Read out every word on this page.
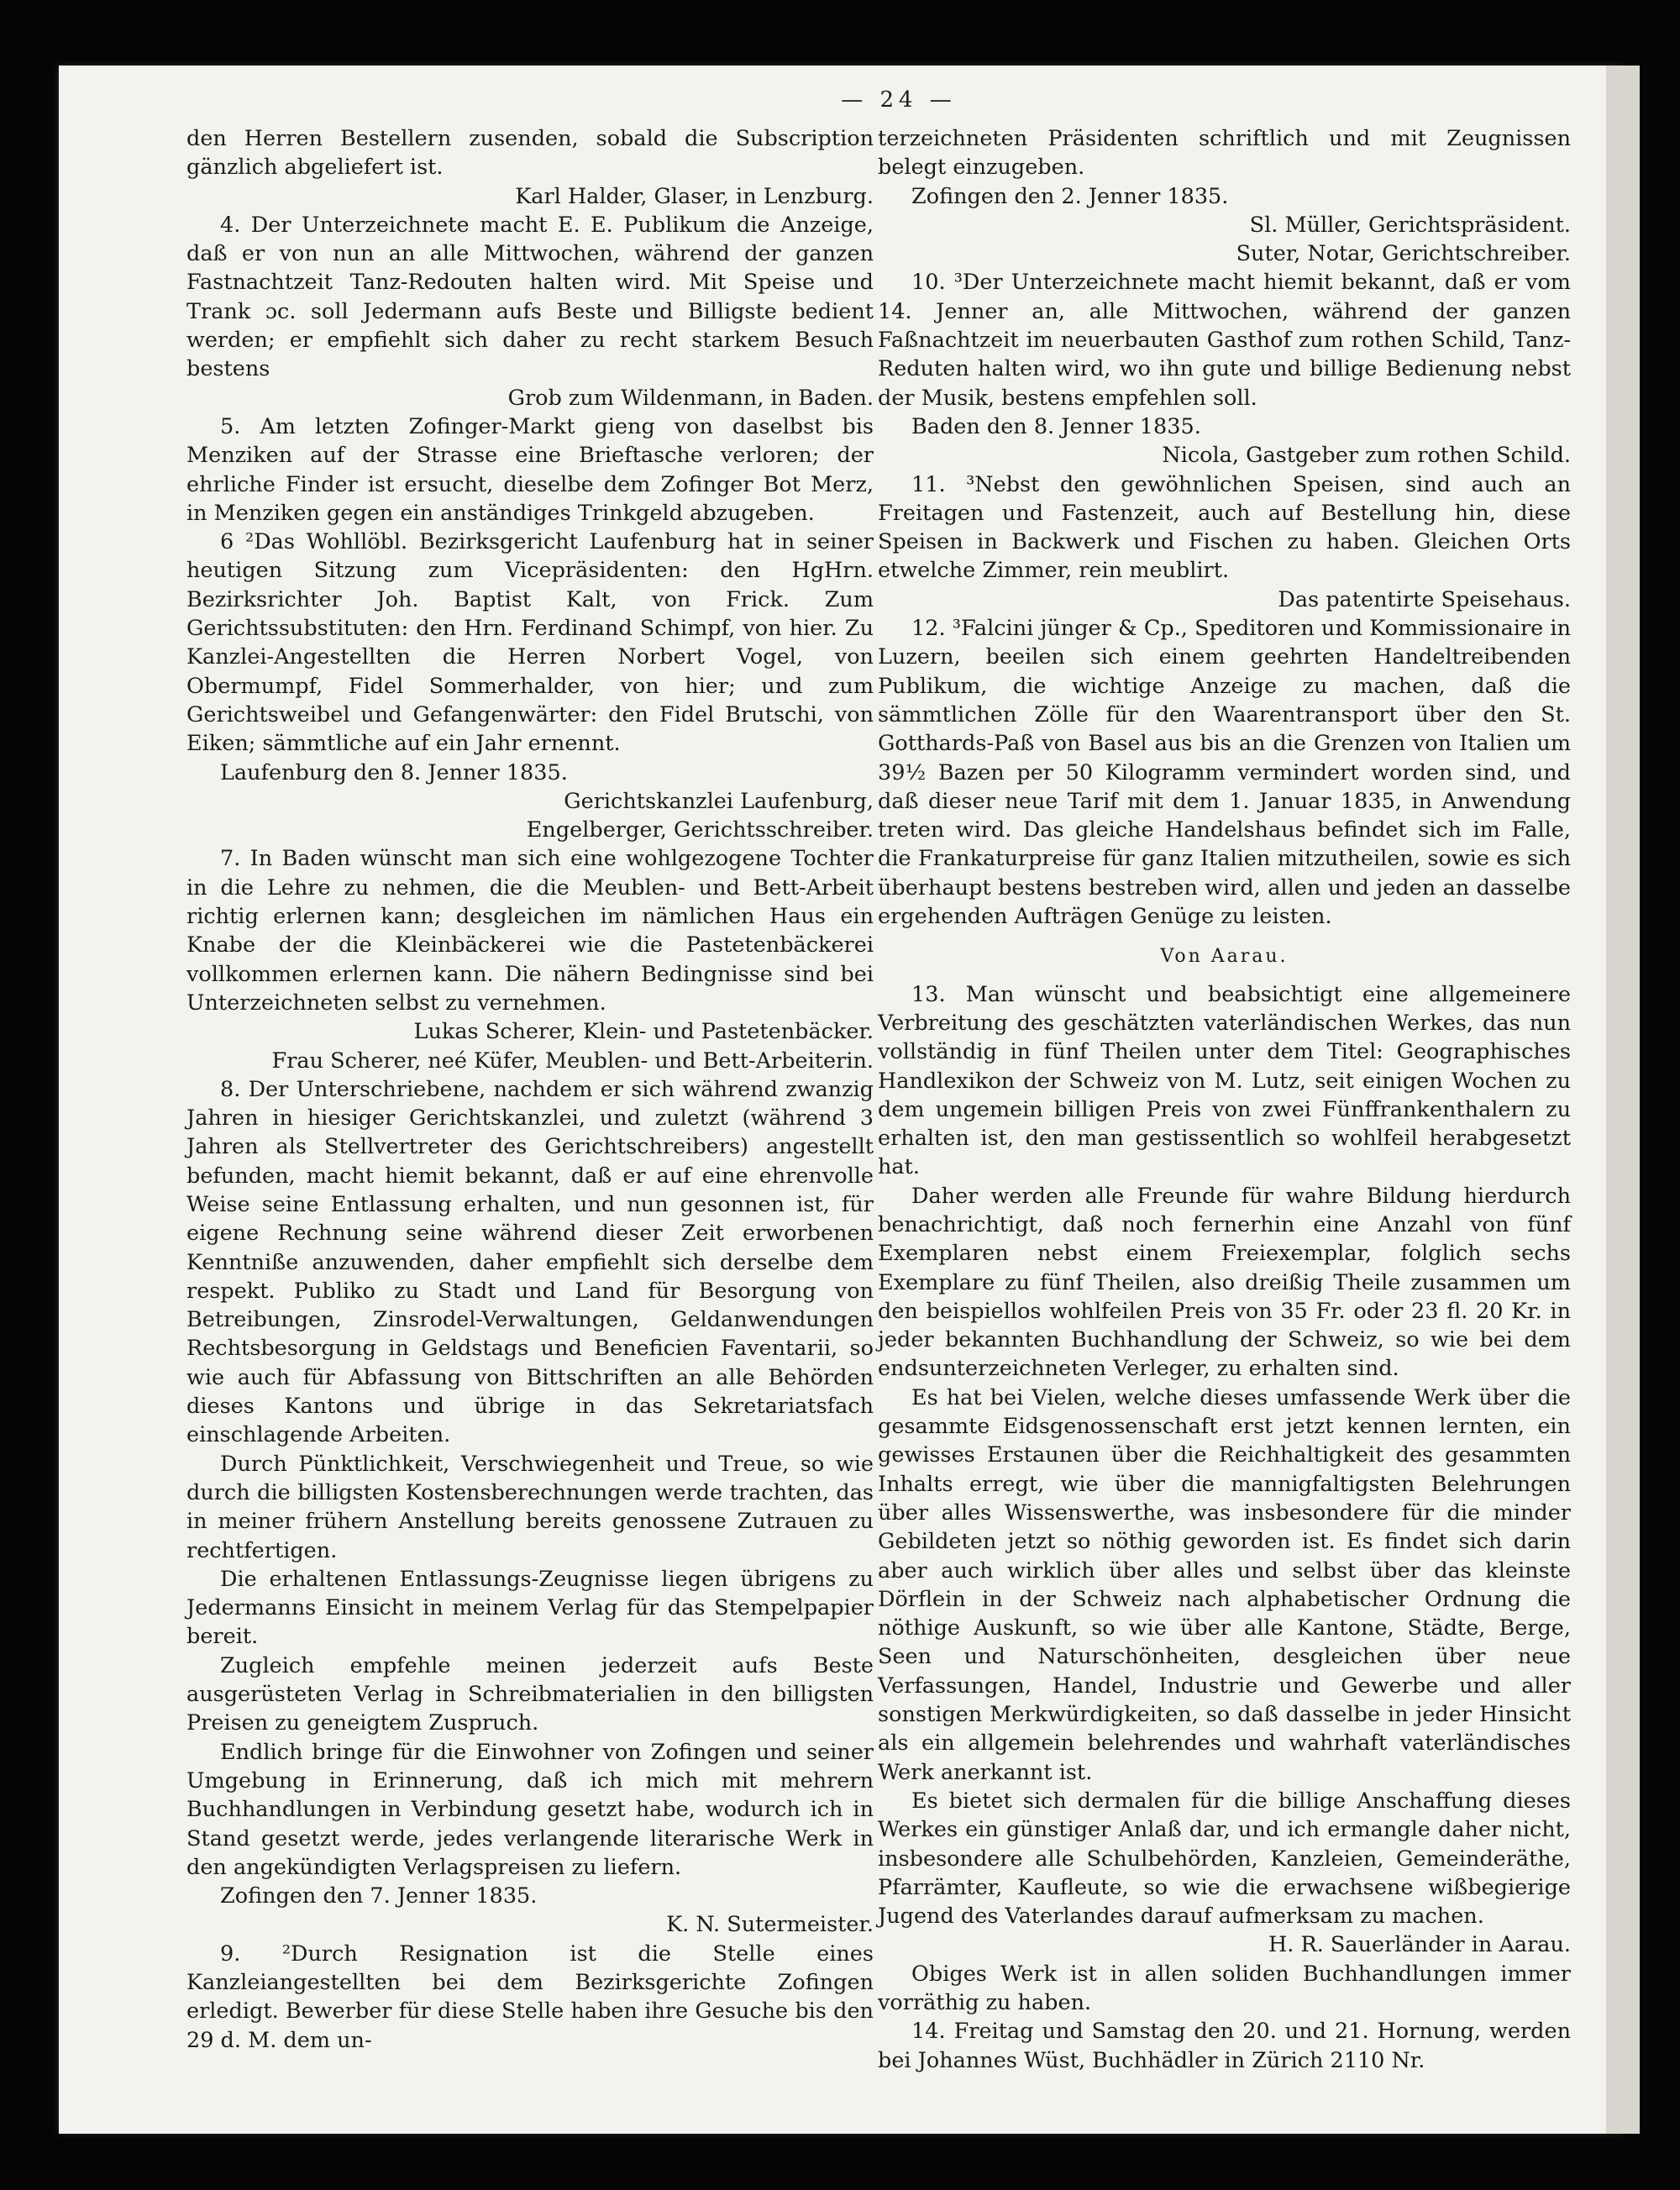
— 24 —

den Herren Bestellern zusenden, sobald die Subscription gänzlich abgeliefert ist.

Karl Halder, Glaser, in Lenzburg.

4. Der Unterzeichnete macht E. E. Publikum die Anzeige, daß er von nun an alle Mittwochen, während der ganzen Fastnachtzeit Tanz-Redouten halten wird. Mit Speise und Trank ɔc. soll Jedermann aufs Beste und Billigste bedient werden; er empfiehlt sich daher zu recht starkem Besuch bestens

Grob zum Wildenmann, in Baden.

5. Am letzten Zofinger-Markt gieng von daselbst bis Menziken auf der Strasse eine Brieftasche verloren; der ehrliche Finder ist ersucht, dieselbe dem Zofinger Bot Merz, in Menziken gegen ein anständiges Trinkgeld abzugeben.

6 ²Das Wohllöbl. Bezirksgericht Laufenburg hat in seiner heutigen Sitzung zum Vicepräsidenten: den HgHrn. Bezirksrichter Joh. Baptist Kalt, von Frick. Zum Gerichtssubstituten: den Hrn. Ferdinand Schimpf, von hier. Zu Kanzlei-Angestellten die Herren Norbert Vogel, von Obermumpf, Fidel Sommerhalder, von hier; und zum Gerichtsweibel und Gefangenwärter: den Fidel Brutschi, von Eiken; sämmtliche auf ein Jahr ernennt.

Laufenburg den 8. Jenner 1835.

Gerichtskanzlei Laufenburg,

Engelberger, Gerichtsschreiber.

7. In Baden wünscht man sich eine wohlgezogene Tochter in die Lehre zu nehmen, die die Meublen- und Bett-Arbeit richtig erlernen kann; desgleichen im nämlichen Haus ein Knabe der die Kleinbäckerei wie die Pastetenbäckerei vollkommen erlernen kann. Die nähern Bedingnisse sind bei Unterzeichneten selbst zu vernehmen.

Lukas Scherer, Klein- und Pastetenbäcker.

Frau Scherer, neé Küfer, Meublen- und Bett-Arbeiterin.

8. Der Unterschriebene, nachdem er sich während zwanzig Jahren in hiesiger Gerichtskanzlei, und zuletzt (während 3 Jahren als Stellvertreter des Gerichtschreibers) angestellt befunden, macht hiemit bekannt, daß er auf eine ehrenvolle Weise seine Entlassung erhalten, und nun gesonnen ist, für eigene Rechnung seine während dieser Zeit erworbenen Kenntniße anzuwenden, daher empfiehlt sich derselbe dem respekt. Publiko zu Stadt und Land für Besorgung von Betreibungen, Zinsrodel-Verwaltungen, Geldanwendungen Rechtsbesorgung in Geldstags und Beneficien Faventarii, so wie auch für Abfassung von Bittschriften an alle Behörden dieses Kantons und übrige in das Sekretariatsfach einschlagende Arbeiten.

Durch Pünktlichkeit, Verschwiegenheit und Treue, so wie durch die billigsten Kostensberechnungen werde trachten, das in meiner frühern Anstellung bereits genossene Zutrauen zu rechtfertigen.

Die erhaltenen Entlassungs-Zeugnisse liegen übrigens zu Jedermanns Einsicht in meinem Verlag für das Stempelpapier bereit.

Zugleich empfehle meinen jederzeit aufs Beste ausgerüsteten Verlag in Schreibmaterialien in den billigsten Preisen zu geneigtem Zuspruch.

Endlich bringe für die Einwohner von Zofingen und seiner Umgebung in Erinnerung, daß ich mich mit mehrern Buchhandlungen in Verbindung gesetzt habe, wodurch ich in Stand gesetzt werde, jedes verlangende literarische Werk in den angekündigten Verlagspreisen zu liefern.

Zofingen den 7. Jenner 1835.

K. N. Sutermeister.

9. ²Durch Resignation ist die Stelle eines Kanzleiangestellten bei dem Bezirksgerichte Zofingen erledigt. Bewerber für diese Stelle haben ihre Gesuche bis den 29 d. M. dem un-

terzeichneten Präsidenten schriftlich und mit Zeugnissen belegt einzugeben.

Zofingen den 2. Jenner 1835.

Sl. Müller, Gerichtspräsident.

Suter, Notar, Gerichtschreiber.

10. ³Der Unterzeichnete macht hiemit bekannt, daß er vom 14. Jenner an, alle Mittwochen, während der ganzen Faßnachtzeit im neuerbauten Gasthof zum rothen Schild, Tanz-Reduten halten wird, wo ihn gute und billige Bedienung nebst der Musik, bestens empfehlen soll.

Baden den 8. Jenner 1835.

Nicola, Gastgeber zum rothen Schild.

11. ³Nebst den gewöhnlichen Speisen, sind auch an Freitagen und Fastenzeit, auch auf Bestellung hin, diese Speisen in Backwerk und Fischen zu haben. Gleichen Orts etwelche Zimmer, rein meublirt.

Das patentirte Speisehaus.

12. ³Falcini jünger & Cp., Speditoren und Kommissionaire in Luzern, beeilen sich einem geehrten Handeltreibenden Publikum, die wichtige Anzeige zu machen, daß die sämmtlichen Zölle für den Waarentransport über den St. Gotthards-Paß von Basel aus bis an die Grenzen von Italien um 39½ Bazen per 50 Kilogramm vermindert worden sind, und daß dieser neue Tarif mit dem 1. Januar 1835, in Anwendung treten wird. Das gleiche Handelshaus befindet sich im Falle, die Frankaturpreise für ganz Italien mitzutheilen, sowie es sich überhaupt bestens bestreben wird, allen und jeden an dasselbe ergehenden Aufträgen Genüge zu leisten.

Von Aarau.

13. Man wünscht und beabsichtigt eine allgemeinere Verbreitung des geschätzten vaterländischen Werkes, das nun vollständig in fünf Theilen unter dem Titel: Geographisches Handlexikon der Schweiz von M. Lutz, seit einigen Wochen zu dem ungemein billigen Preis von zwei Fünffrankenthalern zu erhalten ist, den man gestissentlich so wohlfeil herabgesetzt hat.

Daher werden alle Freunde für wahre Bildung hierdurch benachrichtigt, daß noch fernerhin eine Anzahl von fünf Exemplaren nebst einem Freiexemplar, folglich sechs Exemplare zu fünf Theilen, also dreißig Theile zusammen um den beispiellos wohlfeilen Preis von 35 Fr. oder 23 fl. 20 Kr. in jeder bekannten Buchhandlung der Schweiz, so wie bei dem endsunterzeichneten Verleger, zu erhalten sind.

Es hat bei Vielen, welche dieses umfassende Werk über die gesammte Eidsgenossenschaft erst jetzt kennen lernten, ein gewisses Erstaunen über die Reichhaltigkeit des gesammten Inhalts erregt, wie über die mannigfaltigsten Belehrungen über alles Wissenswerthe, was insbesondere für die minder Gebildeten jetzt so nöthig geworden ist. Es findet sich darin aber auch wirklich über alles und selbst über das kleinste Dörflein in der Schweiz nach alphabetischer Ordnung die nöthige Auskunft, so wie über alle Kantone, Städte, Berge, Seen und Naturschönheiten, desgleichen über neue Verfassungen, Handel, Industrie und Gewerbe und aller sonstigen Merkwürdigkeiten, so daß dasselbe in jeder Hinsicht als ein allgemein belehrendes und wahrhaft vaterländisches Werk anerkannt ist.

Es bietet sich dermalen für die billige Anschaffung dieses Werkes ein günstiger Anlaß dar, und ich ermangle daher nicht, insbesondere alle Schulbehörden, Kanzleien, Gemeinderäthe, Pfarrämter, Kaufleute, so wie die erwachsene wißbegierige Jugend des Vaterlandes darauf aufmerksam zu machen.

H. R. Sauerländer in Aarau.

Obiges Werk ist in allen soliden Buchhandlungen immer vorräthig zu haben.

14. Freitag und Samstag den 20. und 21. Hornung, werden bei Johannes Wüst, Buchhädler in Zürich 2110 Nr.
